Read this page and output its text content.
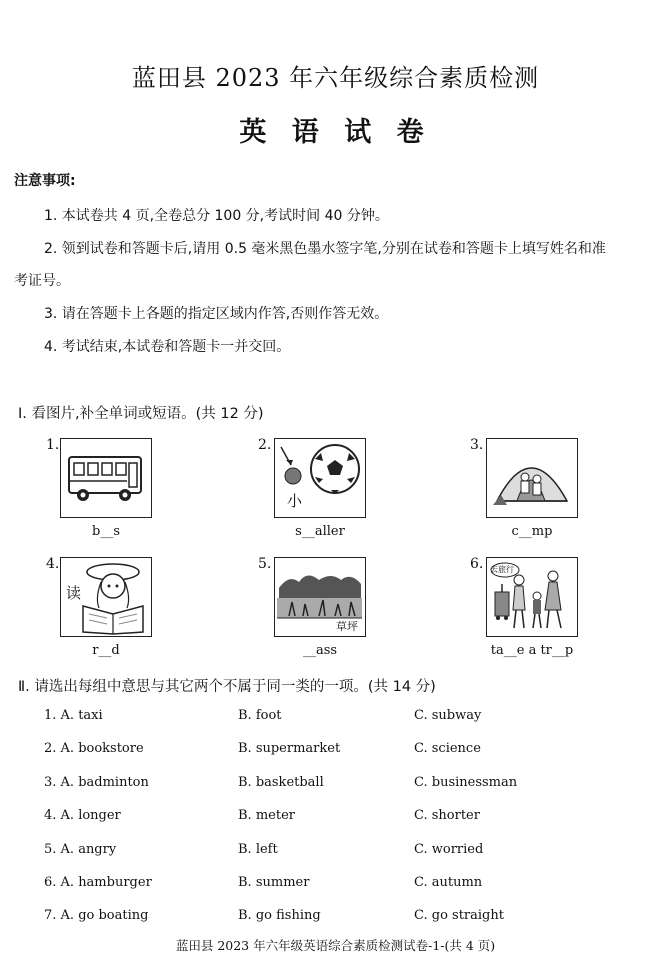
蓝田县 2023 年六年级综合素质检测
英 语 试 卷
注意事项:
1. 本试卷共 4 页,全卷总分 100 分,考试时间 40 分钟。
2. 领到试卷和答题卡后,请用 0.5 毫米黑色墨水签字笔,分别在试卷和答题卡上填写姓名和准
考证号。
3. 请在答题卡上各题的指定区域内作答,否则作答无效。
4. 考试结束,本试卷和答题卡一并交回。
Ⅰ. 看图片,补全单词或短语。(共 12 分)
1.
b__s
2.
小
s__aller
3.
c__mp
4.
读
r__d
5.
草坪
__ass
6. 去旅行
ta__e a tr__p
Ⅱ. 请选出每组中意思与其它两个不属于同一类的一项。(共 14 分)
1. A. taxi	B. foot	C. subway
2. A. bookstore	B. supermarket	C. science
3. A. badminton	B. basketball	C. businessman
4. A. longer	B. meter	C. shorter
5. A. angry	B. left	C. worried
6. A. hamburger	B. summer	C. autumn
7. A. go boating	B. go fishing	C. go straight
蓝田县 2023 年六年级英语综合素质检测试卷-1-(共 4 页)
